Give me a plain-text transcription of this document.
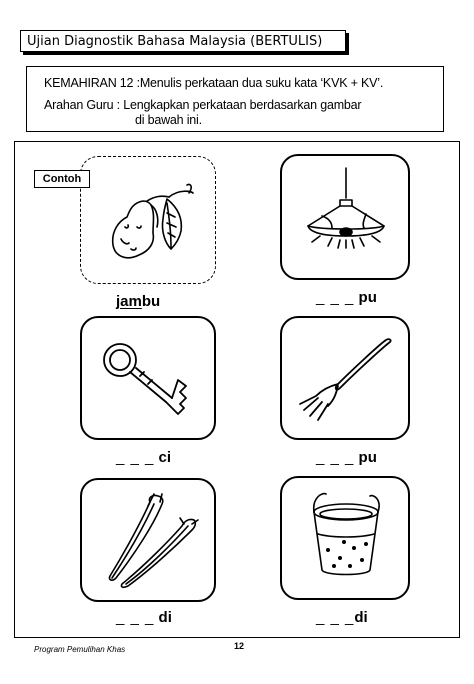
Ujian Diagnostik Bahasa Malaysia (BERTULIS)
KEMAHIRAN 12 :Menulis perkataan dua suku kata ‘KVK + KV’.
Arahan Guru : Lengkapkan perkataan berdasarkan gambar
di bawah ini.
Contoh
jambu	_ _ _ pu
_ _ _ ci	_ _ _ pu
_ _ _ di	_ _ _di
Program Pemulihan Khas	12
